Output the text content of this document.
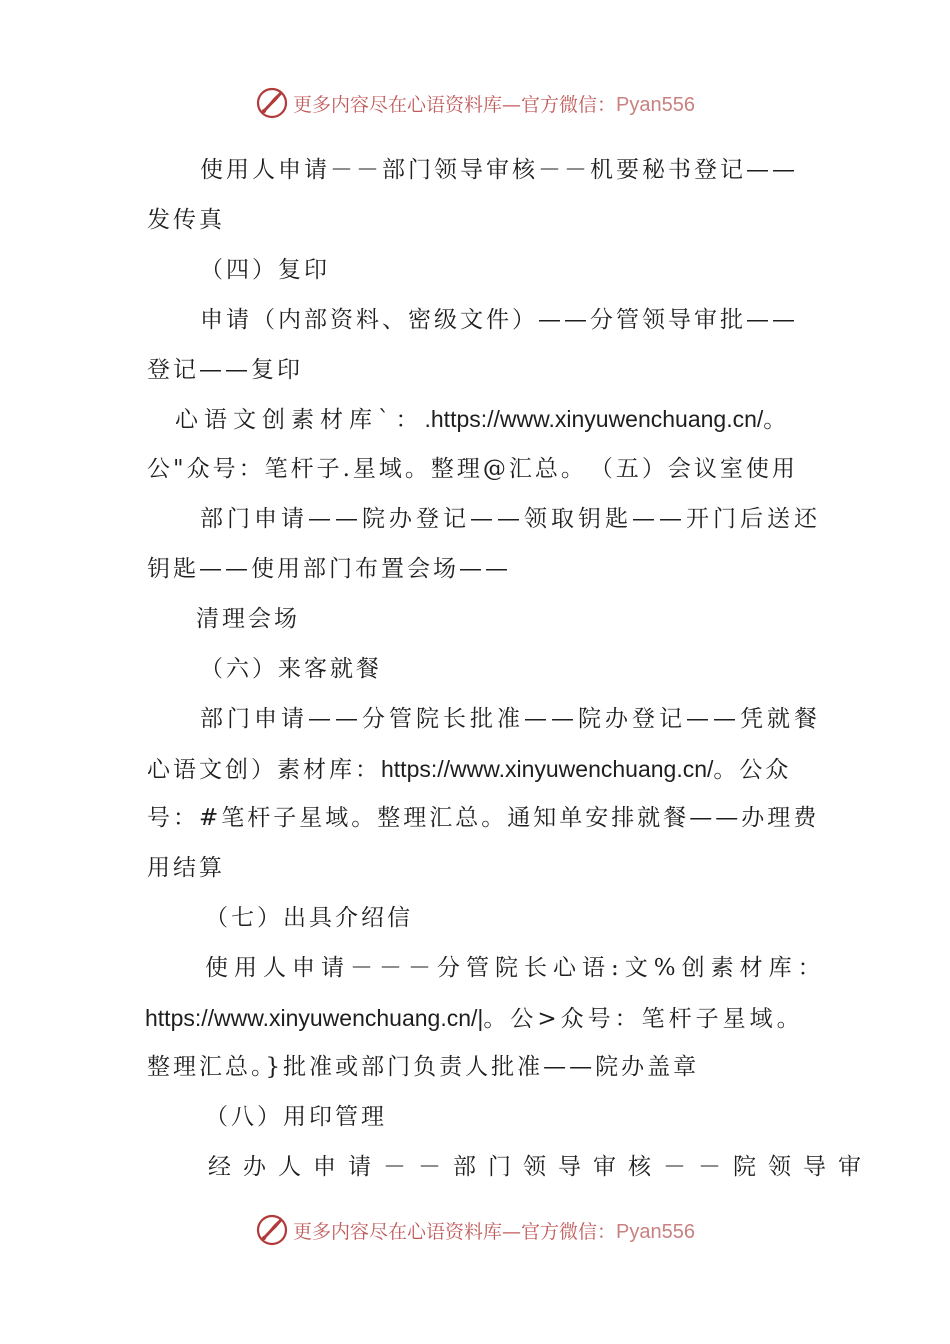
更多内容尽在心语资料库—官方微信：Pyan556
使用人申请－－部门领导审核－－机要秘书登记——
发传真
（四）复印
申请（内部资料、密级文件）——分管领导审批——
登记——复印
心语文创素材库`：.https://www.xinyuwenchuang.cn/。
公"众号：笔杆子.星域。整理@汇总。　（五）会议室使用
部门申请——院办登记——领取钥匙——开门后送还
钥匙——使用部门布置会场——
清理会场
（六）来客就餐
部门申请——分管院长批准——院办登记——凭就餐
心语文创）素材库：https://www.xinyuwenchuang.cn/。公众
号：#笔杆子星域。整理汇总。通知单安排就餐——办理费
用结算
（七）出具介绍信
使用人申请－－－分管院长心语:文%创素材库：
https://www.xinyuwenchuang.cn/|。公>众号：笔杆子星域。
整理汇总。}批准或部门负责人批准——院办盖章
（八）用印管理
经办人申请－－部门领导审核－－院领导审
更多内容尽在心语资料库—官方微信：Pyan556
